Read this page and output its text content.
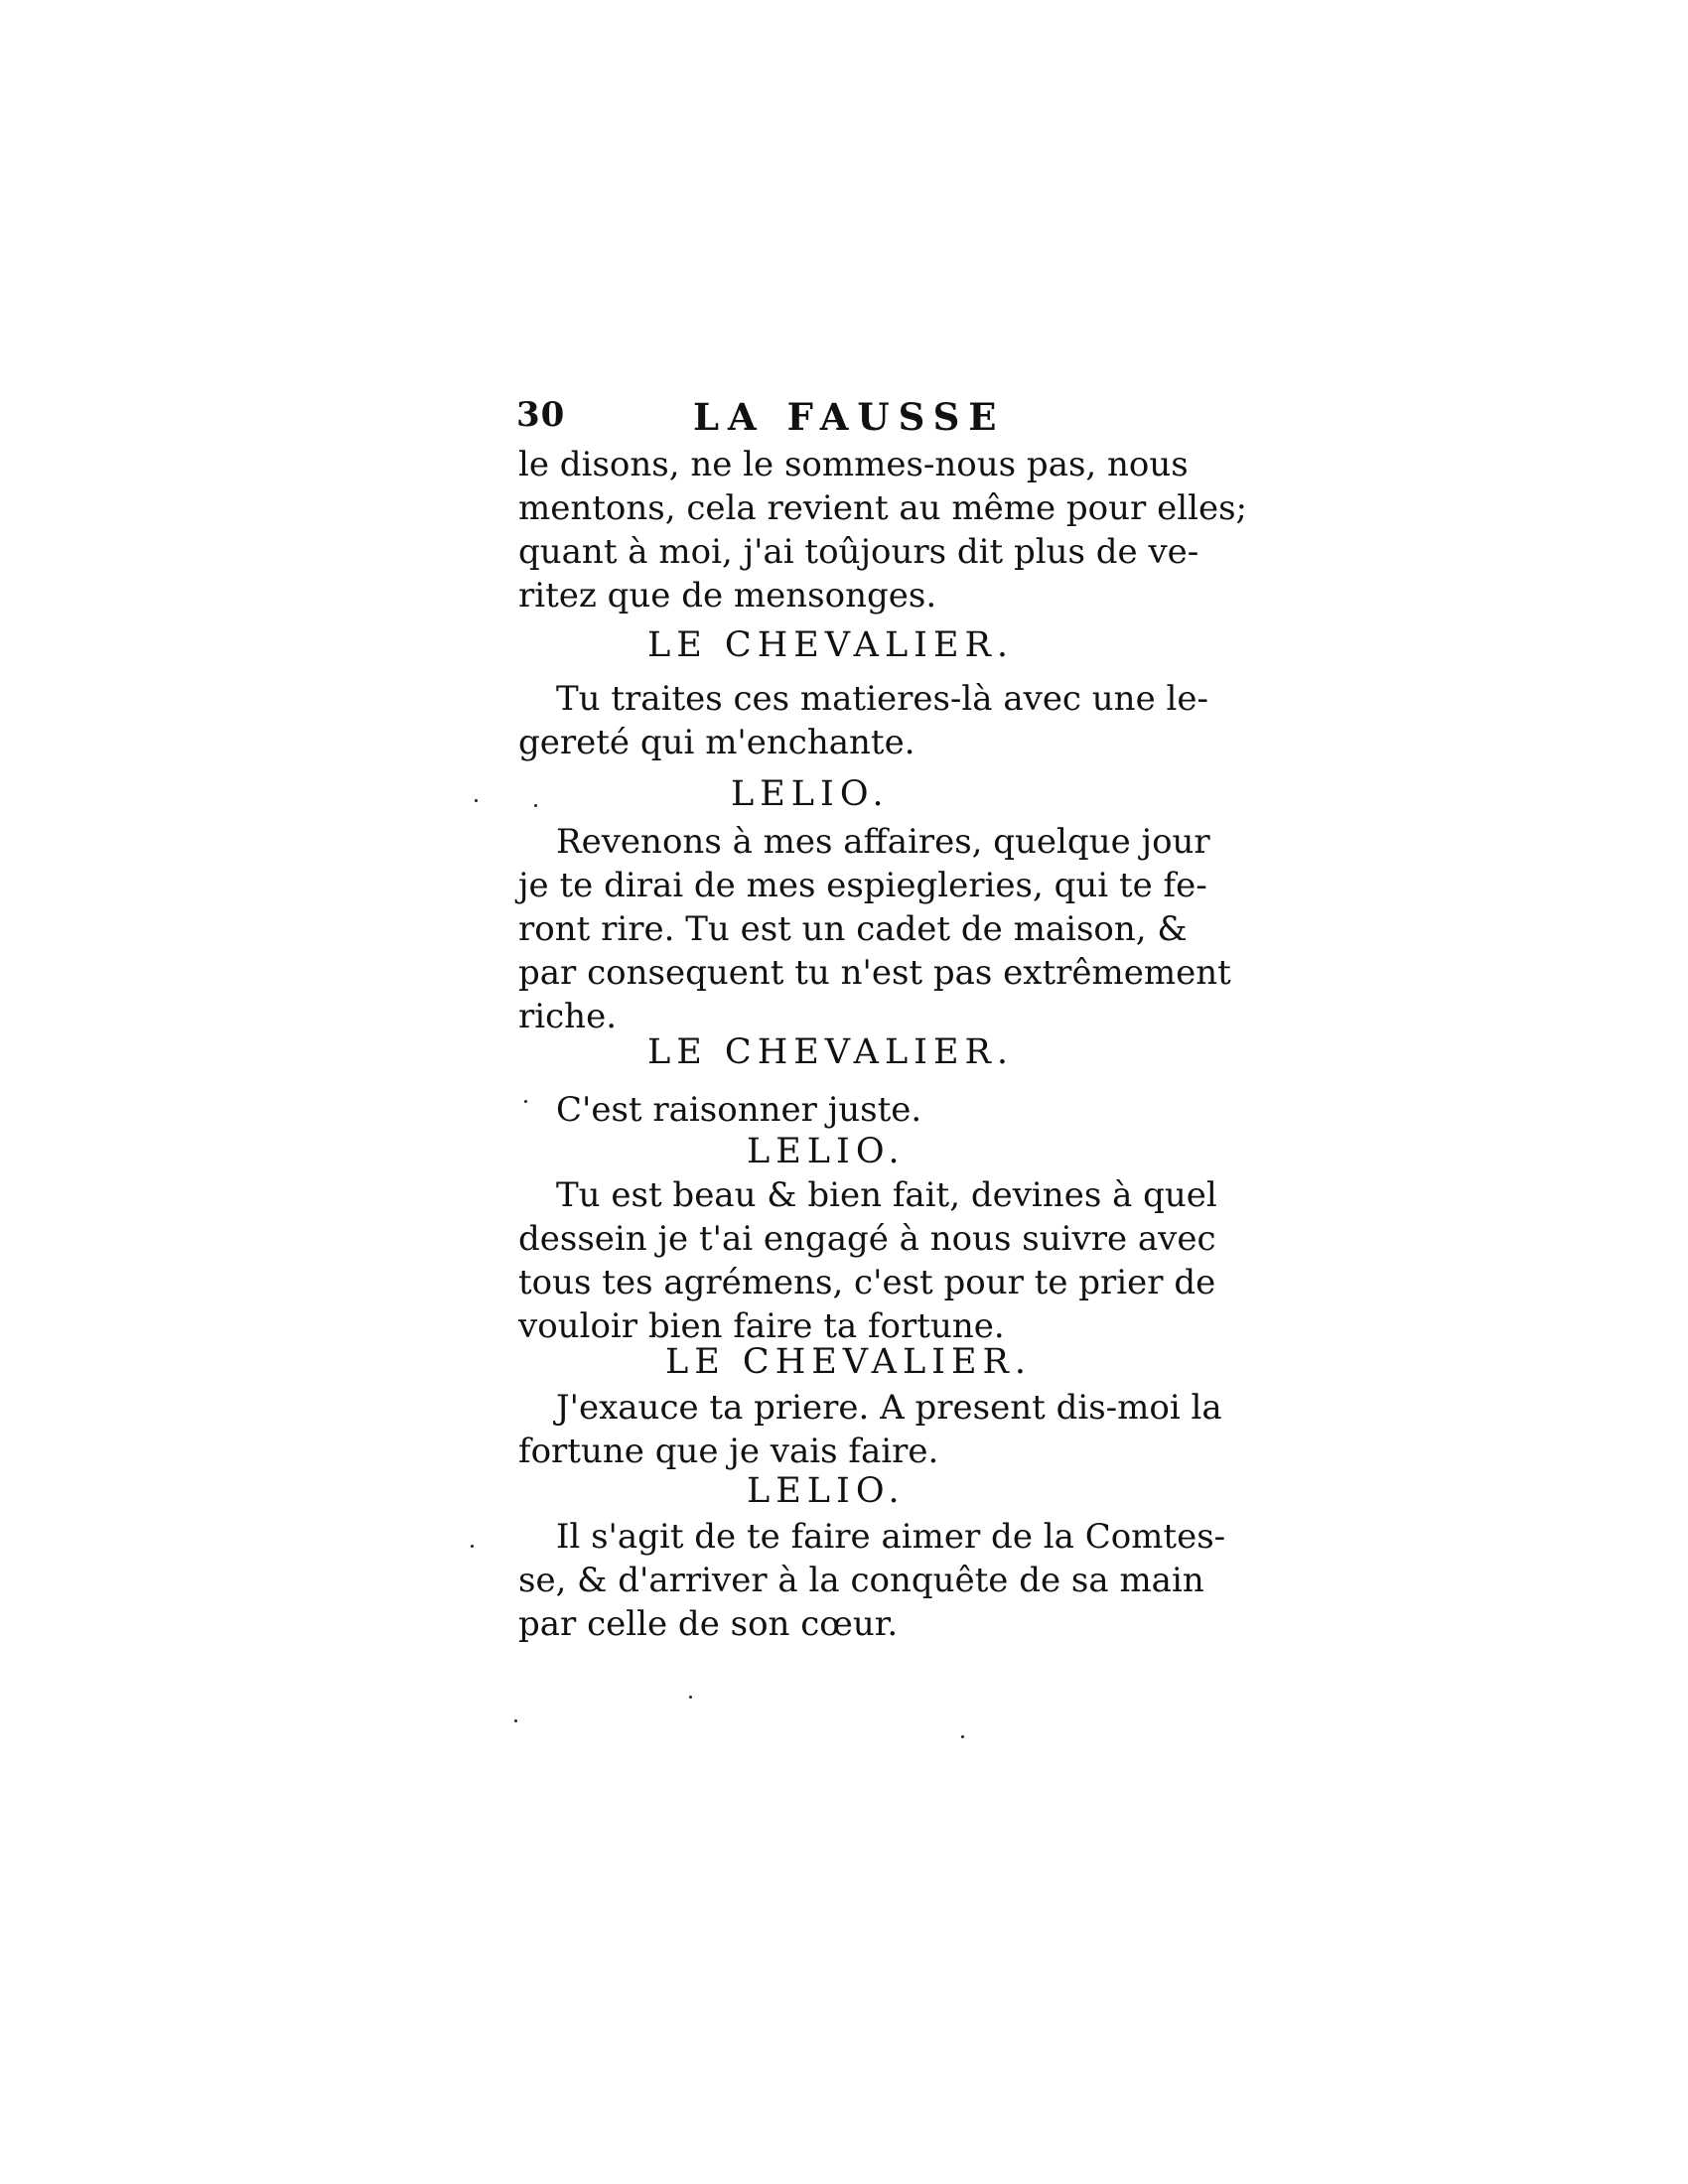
30	LA FAUSSE
le disons, ne le sommes-nous pas, nous
mentons, cela revient au même pour elles;
quant à moi, j'ai toûjours dit plus de ve-
ritez que de mensonges.
LE CHEVALIER.
Tu traites ces matieres-là avec une le-
gereté qui m'enchante.
LELIO.
Revenons à mes affaires, quelque jour
je te dirai de mes espiegleries, qui te fe-
ront rire. Tu est un cadet de maison, &
par consequent tu n'est pas extrêmement
riche.
LE CHEVALIER.
C'est raisonner juste.
LELIO.
Tu est beau & bien fait, devines à quel
dessein je t'ai engagé à nous suivre avec
tous tes agrémens, c'est pour te prier de
vouloir bien faire ta fortune.
LE CHEVALIER.
J'exauce ta priere. A present dis-moi la
fortune que je vais faire.
LELIO.
Il s'agit de te faire aimer de la Comtes-
se, & d'arriver à la conquête de sa main
par celle de son cœur.
